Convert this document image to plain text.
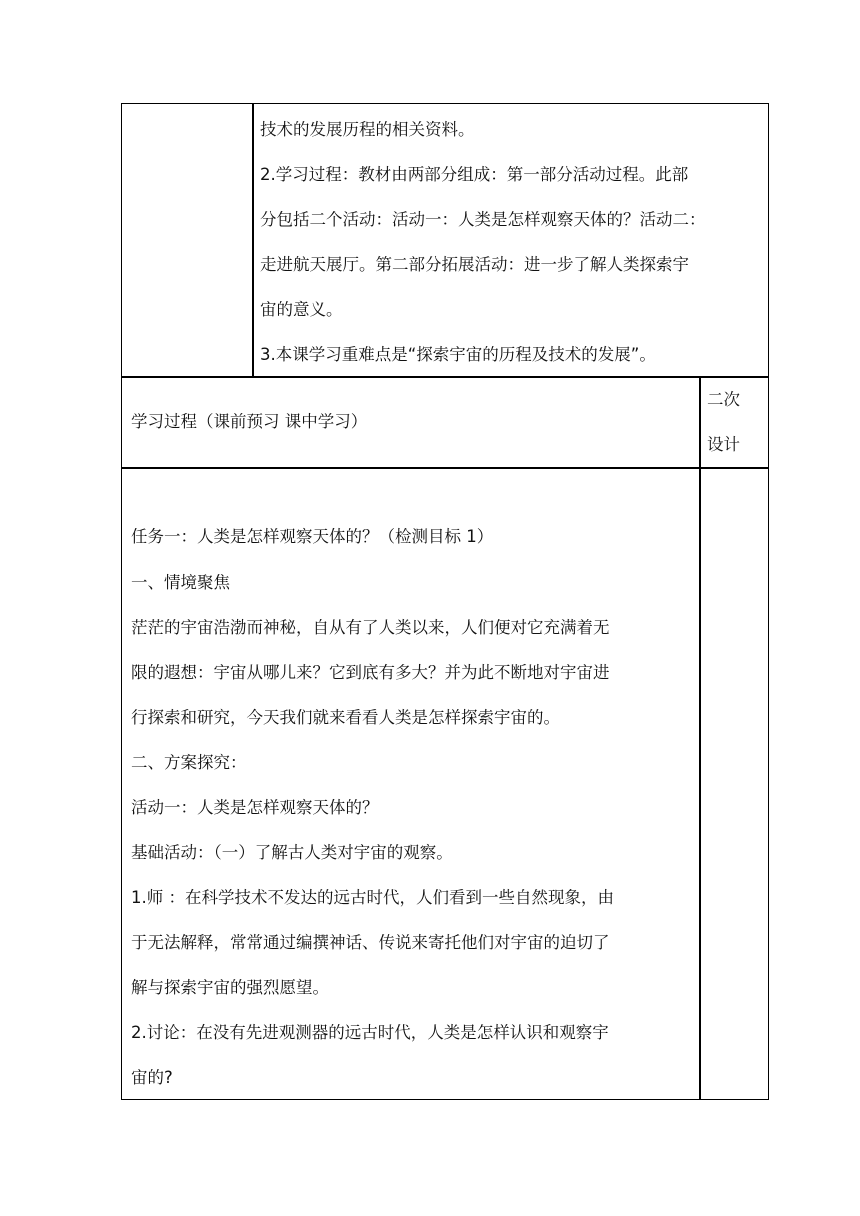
技术的发展历程的相关资料。
2.学习过程：教材由两部分组成：第一部分活动过程。此部
分包括二个活动：活动一：人类是怎样观察天体的？活动二：
走进航天展厅。第二部分拓展活动：进一步了解人类探索宇
宙的意义。
3.本课学习重难点是“探索宇宙的历程及技术的发展”。
学习过程（课前预习 课中学习）
二次
设计
任务一：人类是怎样观察天体的？（检测目标 1）
一、情境聚焦
茫茫的宇宙浩渤而神秘，自从有了人类以来，人们便对它充满着无
限的遐想：宇宙从哪儿来？它到底有多大？并为此不断地对宇宙进
行探索和研究，今天我们就来看看人类是怎样探索宇宙的。
二、方案探究：
活动一：人类是怎样观察天体的？
基础活动：（一）了解古人类对宇宙的观察。
1.师 ：在科学技术不发达的远古时代，人们看到一些自然现象，由
于无法解释，常常通过编撰神话、传说来寄托他们对宇宙的迫切了
解与探索宇宙的强烈愿望。
2.讨论：在没有先进观测器的远古时代，人类是怎样认识和观察宇
宙的?
